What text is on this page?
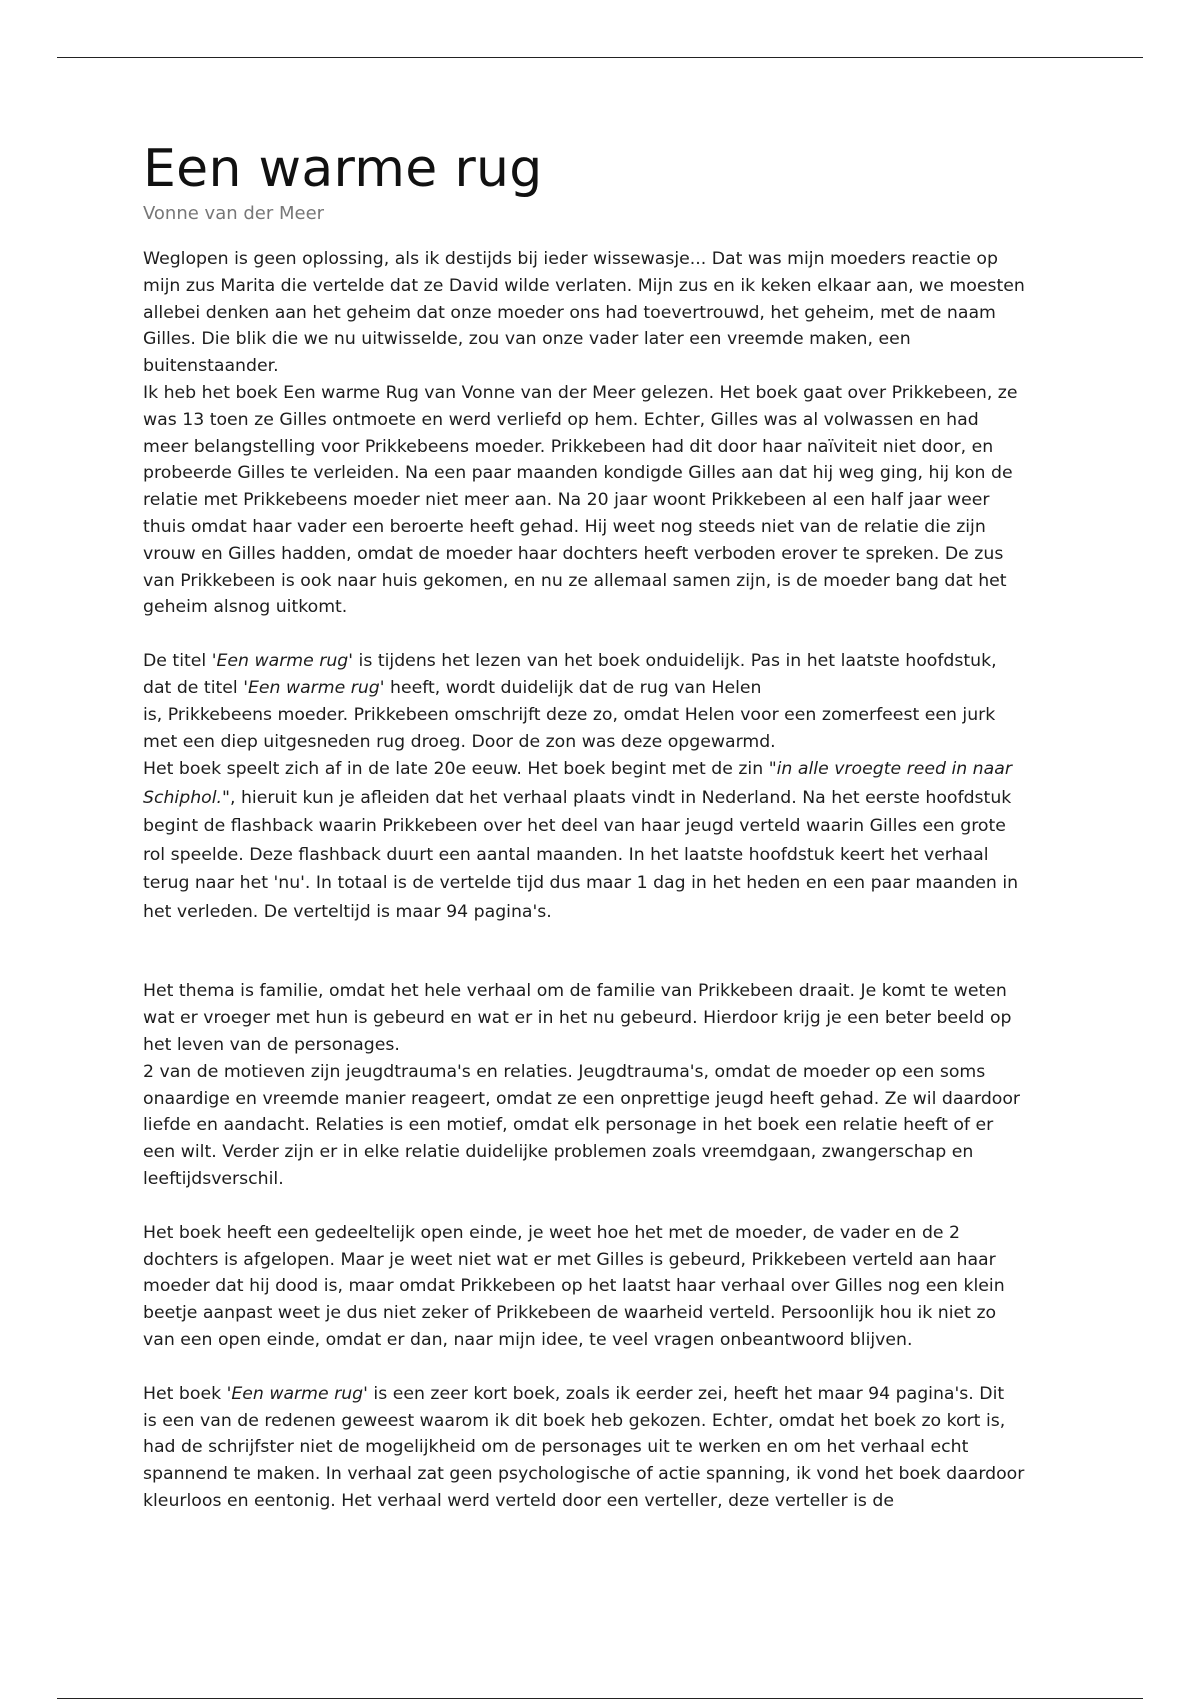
Een warme rug
Vonne van der Meer

Weglopen is geen oplossing, als ik destijds bij ieder wissewasje... Dat was mijn moeders reactie op
mijn zus Marita die vertelde dat ze David wilde verlaten. Mijn zus en ik keken elkaar aan, we moesten
allebei denken aan het geheim dat onze moeder ons had toevertrouwd, het geheim, met de naam
Gilles. Die blik die we nu uitwisselde, zou van onze vader later een vreemde maken, een
buitenstaander.

Ik heb het boek Een warme Rug van Vonne van der Meer gelezen. Het boek gaat over Prikkebeen, ze
was 13 toen ze Gilles ontmoete en werd verliefd op hem. Echter, Gilles was al volwassen en had
meer belangstelling voor Prikkebeens moeder. Prikkebeen had dit door haar naïviteit niet door, en
probeerde Gilles te verleiden. Na een paar maanden kondigde Gilles aan dat hij weg ging, hij kon de
relatie met Prikkebeens moeder niet meer aan. Na 20 jaar woont Prikkebeen al een half jaar weer
thuis omdat haar vader een beroerte heeft gehad. Hij weet nog steeds niet van de relatie die zijn
vrouw en Gilles hadden, omdat de moeder haar dochters heeft verboden erover te spreken. De zus
van Prikkebeen is ook naar huis gekomen, en nu ze allemaal samen zijn, is de moeder bang dat het
geheim alsnog uitkomt.

De titel 'Een warme rug' is tijdens het lezen van het boek onduidelijk. Pas in het laatste hoofdstuk,
dat de titel 'Een warme rug' heeft, wordt duidelijk dat de rug van Helen
is, Prikkebeens moeder. Prikkebeen omschrijft deze zo, omdat Helen voor een zomerfeest een jurk
met een diep uitgesneden rug droeg. Door de zon was deze opgewarmd.

Het boek speelt zich af in de late 20e eeuw. Het boek begint met de zin "in alle vroegte reed in naar
Schiphol.", hieruit kun je afleiden dat het verhaal plaats vindt in Nederland. Na het eerste hoofdstuk
begint de flashback waarin Prikkebeen over het deel van haar jeugd verteld waarin Gilles een grote
rol speelde. Deze flashback duurt een aantal maanden. In het laatste hoofdstuk keert het verhaal
terug naar het 'nu'. In totaal is de vertelde tijd dus maar 1 dag in het heden en een paar maanden in
het verleden. De verteltijd is maar 94 pagina's.

Het thema is familie, omdat het hele verhaal om de familie van Prikkebeen draait. Je komt te weten
wat er vroeger met hun is gebeurd en wat er in het nu gebeurd. Hierdoor krijg je een beter beeld op
het leven van de personages.

2 van de motieven zijn jeugdtrauma's en relaties. Jeugdtrauma's, omdat de moeder op een soms
onaardige en vreemde manier reageert, omdat ze een onprettige jeugd heeft gehad. Ze wil daardoor
liefde en aandacht. Relaties is een motief, omdat elk personage in het boek een relatie heeft of er
een wilt. Verder zijn er in elke relatie duidelijke problemen zoals vreemdgaan, zwangerschap en
leeftijdsverschil.

Het boek heeft een gedeeltelijk open einde, je weet hoe het met de moeder, de vader en de 2
dochters is afgelopen. Maar je weet niet wat er met Gilles is gebeurd, Prikkebeen verteld aan haar
moeder dat hij dood is, maar omdat Prikkebeen op het laatst haar verhaal over Gilles nog een klein
beetje aanpast weet je dus niet zeker of Prikkebeen de waarheid verteld. Persoonlijk hou ik niet zo
van een open einde, omdat er dan, naar mijn idee, te veel vragen onbeantwoord blijven.

Het boek 'Een warme rug' is een zeer kort boek, zoals ik eerder zei, heeft het maar 94 pagina's. Dit
is een van de redenen geweest waarom ik dit boek heb gekozen. Echter, omdat het boek zo kort is,
had de schrijfster niet de mogelijkheid om de personages uit te werken en om het verhaal echt
spannend te maken. In verhaal zat geen psychologische of actie spanning, ik vond het boek daardoor
kleurloos en eentonig. Het verhaal werd verteld door een verteller, deze verteller is de
